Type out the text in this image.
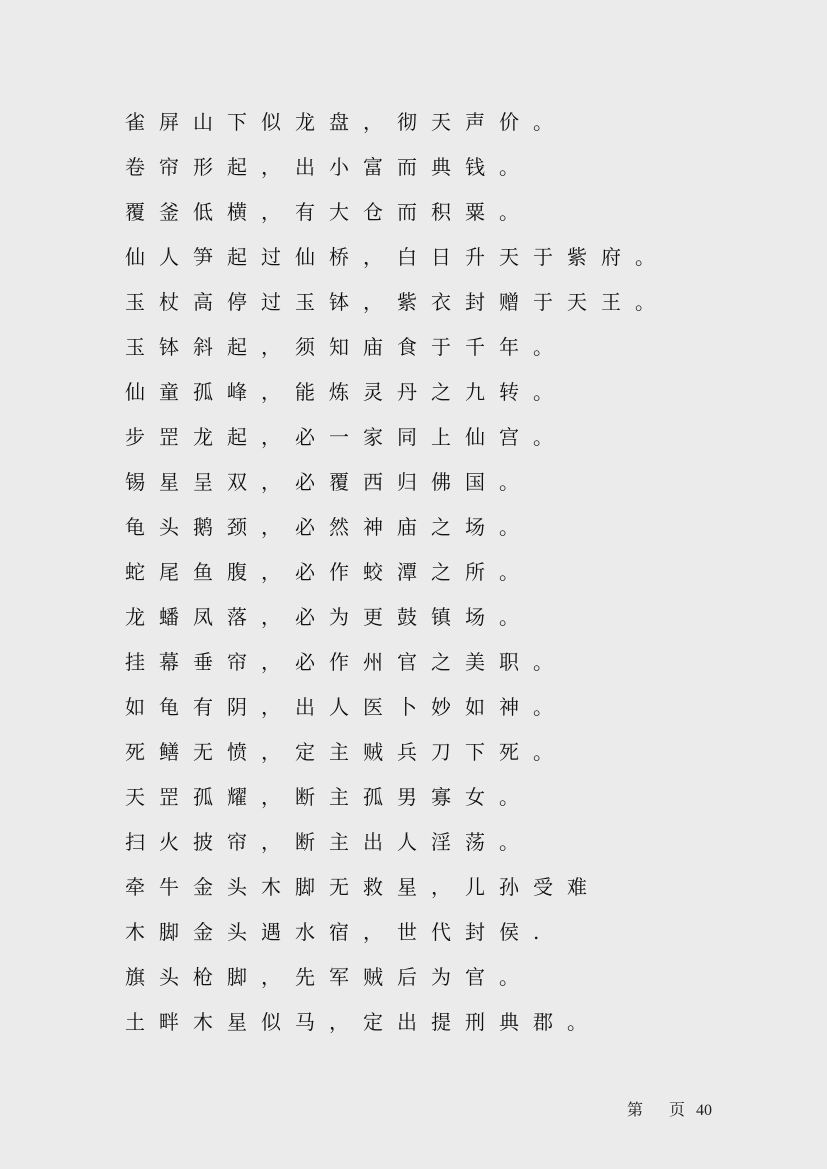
雀屏山下似龙盘，彻天声价。
卷帘形起，出小富而典钱。
覆釜低横，有大仓而积粟。
仙人笋起过仙桥，白日升天于紫府。
玉杖高停过玉钵，紫衣封赠于天王。
玉钵斜起，须知庙食于千年。
仙童孤峰，能炼灵丹之九转。
步罡龙起，必一家同上仙宫。
锡星呈双，必覆西归佛国。
龟头鹅颈，必然神庙之场。
蛇尾鱼腹，必作蛟潭之所。
龙蟠凤落，必为更鼓镇场。
挂幕垂帘，必作州官之美职。
如龟有阴，出人医卜妙如神。
死鳝无愤，定主贼兵刀下死。
天罡孤耀，断主孤男寡女。
扫火披帘，断主出人淫荡。
牵牛金头木脚无救星，儿孙受难
木脚金头遇水宿，世代封侯.
旗头枪脚，先军贼后为官。
土畔木星似马，定出提刑典郡。
第 页40
